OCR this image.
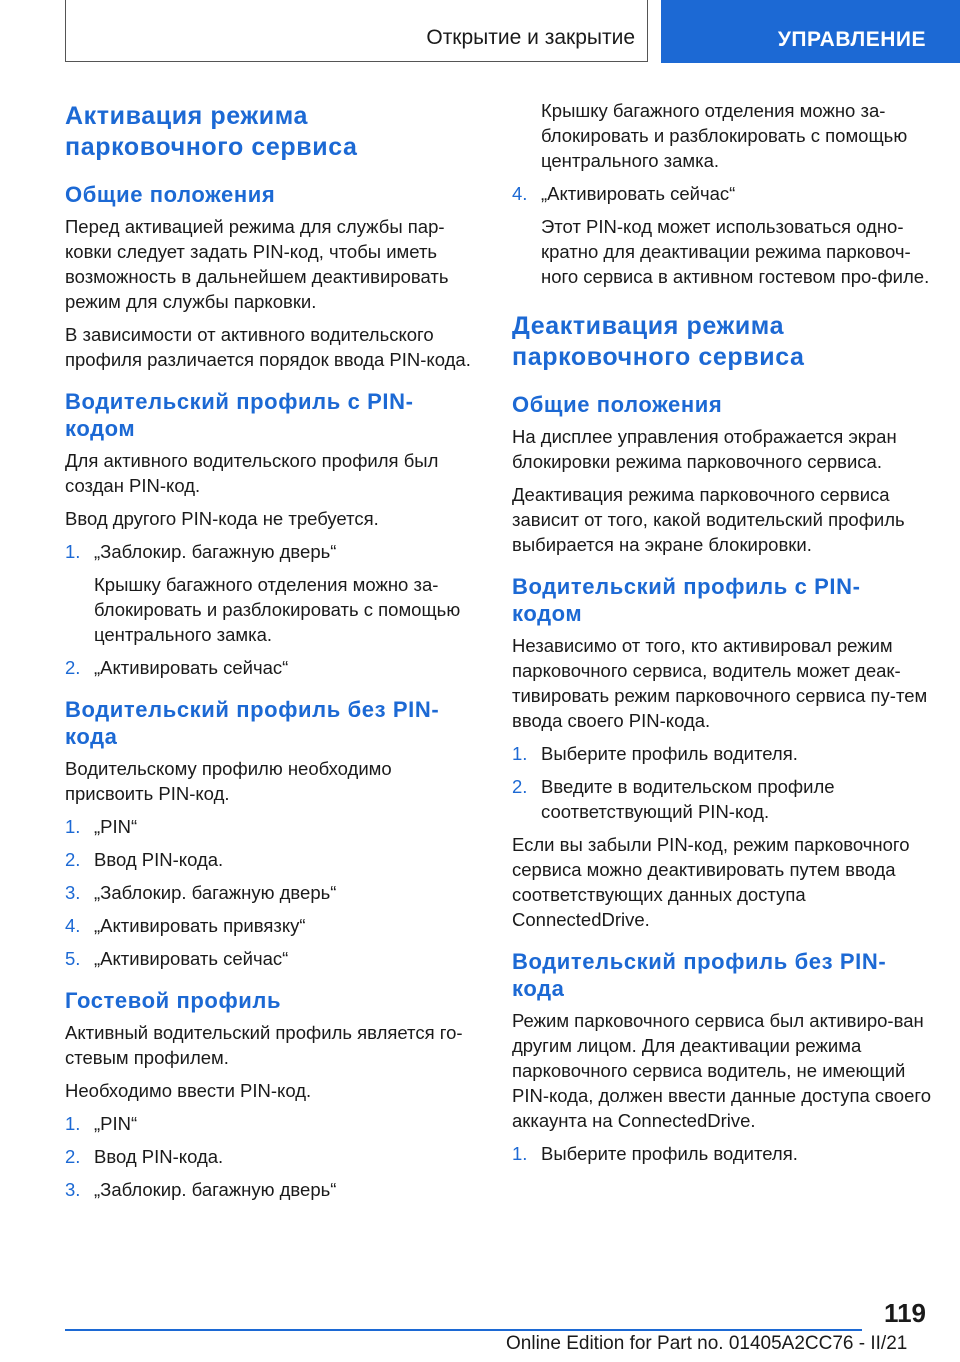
Открытие и закрытие	УПРАВЛЕНИЕ
Активация режима
парковочного сервиса
Общие положения

Перед активацией режима для службы пар-ковки следует задать PIN-код, чтобы иметь возможность в дальнейшем деактивировать режим для службы парковки.

В зависимости от активного водительского профиля различается порядок ввода PIN-кода.

Водительский профиль с PIN-
кодом

Для активного водительского профиля был создан PIN-код.

Ввод другого PIN-кода не требуется.

1. „Заблокир. багажную дверь“
Крышку багажного отделения можно за-блокировать и разблокировать с помощью центрального замка.
2. „Активировать сейчас“
Водительский профиль без PIN-
кода

Водительскому профилю необходимо присвоить PIN-код.

1. „PIN“
2. Ввод PIN-кода.
3. „Заблокир. багажную дверь“
4. „Активировать привязку“
5. „Активировать сейчас“
Гостевой профиль

Активный водительский профиль является го-стевым профилем.

Необходимо ввести PIN-код.

1. „PIN“
2. Ввод PIN-кода.
3. „Заблокир. багажную дверь“

Крышку багажного отделения можно за-блокировать и разблокировать с помощью центрального замка.

4. „Активировать сейчас“
Этот PIN-код может использоваться одно-кратно для деактивации режима парковоч-ного сервиса в активном гостевом про-филе.
Деактивация режима
парковочного сервиса
Общие положения

На дисплее управления отображается экран блокировки режима парковочного сервиса.

Деактивация режима парковочного сервиса зависит от того, какой водительский профиль выбирается на экране блокировки.

Водительский профиль с PIN-
кодом

Независимо от того, кто активировал режим парковочного сервиса, водитель может деак-тивировать режим парковочного сервиса пу-тем ввода своего PIN-кода.

1. Выберите профиль водителя.
2. Введите в водительском профиле соответствующий PIN-код.

Если вы забыли PIN-код, режим парковочного сервиса можно деактивировать путем ввода соответствующих данных доступа ConnectedDrive.

Водительский профиль без PIN-
кода

Режим парковочного сервиса был активиро-ван другим лицом. Для деактивации режима парковочного сервиса водитель, не имеющий PIN-кода, должен ввести данные доступа своего аккаунта на ConnectedDrive.

1. Выберите профиль водителя.
119
Online Edition for Part no. 01405A2CC76 - II/21
